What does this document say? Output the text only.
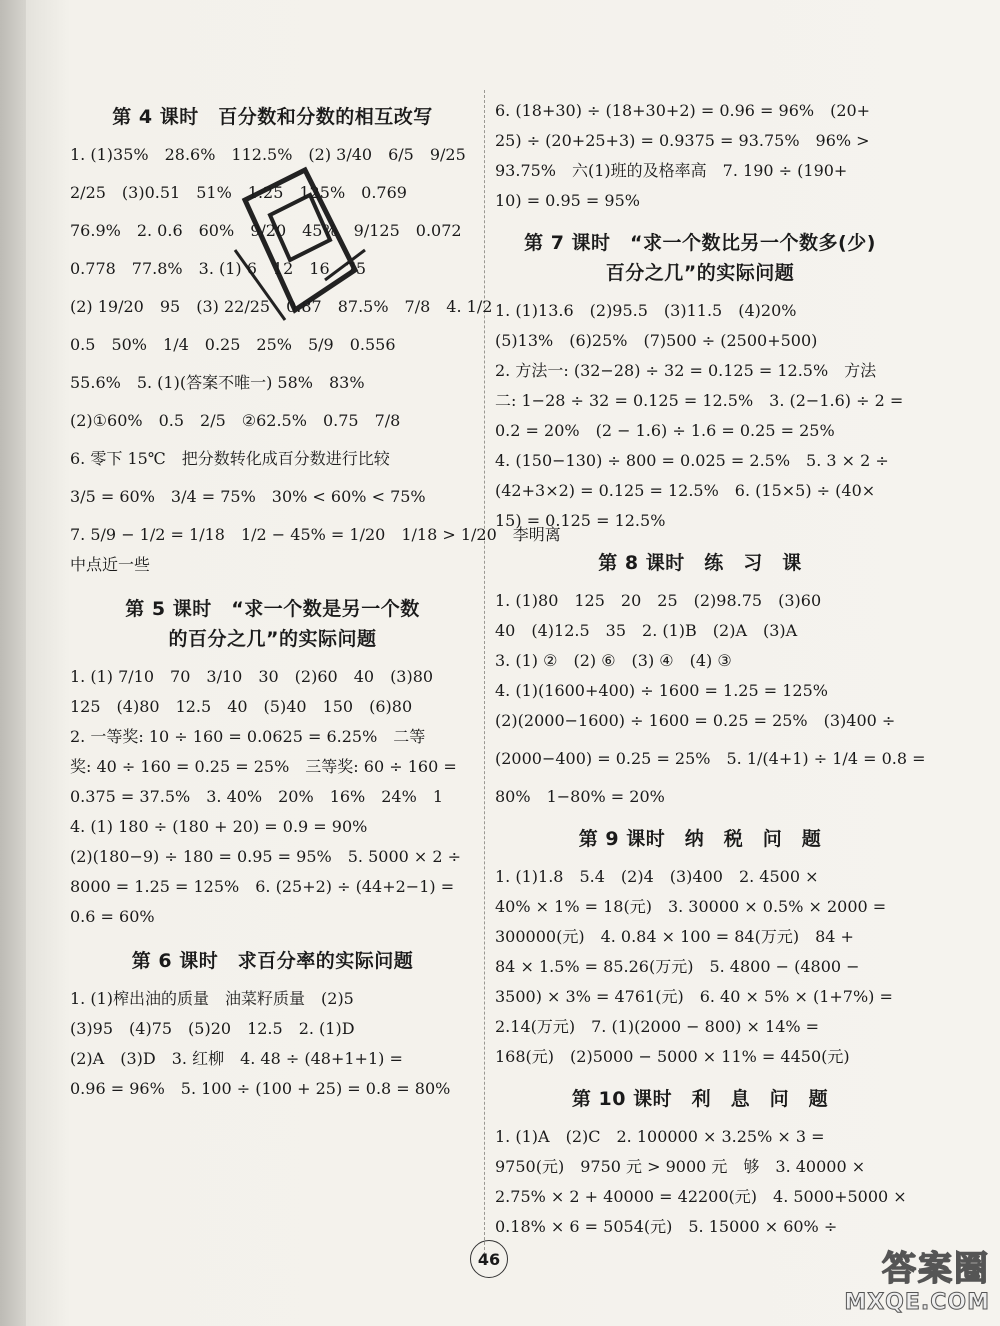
第 4 课时　百分数和分数的相互改写
1. (1)35%　28.6%　112.5%　(2) 3/40　6/5　9/25
2/25　(3)0.51　51%　1.25　125%　0.769
76.9%　2. 0.6　60%　9/20　45%　9/125　0.072
0.778　77.8%　3. (1) 6　12　16　75
(2) 19/20　95　(3) 22/25　0.87　87.5%　7/8　4. 1/2
0.5　50%　1/4　0.25　25%　5/9　0.556
55.6%　5. (1)(答案不唯一) 58%　83%
(2)①60%　0.5　2/5　②62.5%　0.75　7/8
6. 零下 15℃　把分数转化成百分数进行比较
3/5 = 60%　3/4 = 75%　30% < 60% < 75%
7. 5/9 − 1/2 = 1/18　1/2 − 45% = 1/20　1/18 > 1/20　李明离
中点近一些
第 5 课时　“求一个数是另一个数
的百分之几”的实际问题
1. (1) 7/10　70　3/10　30　(2)60　40　(3)80
125　(4)80　12.5　40　(5)40　150　(6)80
2. 一等奖: 10 ÷ 160 = 0.0625 = 6.25%　二等
奖: 40 ÷ 160 = 0.25 = 25%　三等奖: 60 ÷ 160 =
0.375 = 37.5%　3. 40%　20%　16%　24%　1
4. (1) 180 ÷ (180 + 20) = 0.9 = 90%
(2)(180−9) ÷ 180 = 0.95 = 95%　5. 5000 × 2 ÷
8000 = 1.25 = 125%　6. (25+2) ÷ (44+2−1) =
0.6 = 60%
第 6 课时　求百分率的实际问题
1. (1)榨出油的质量　油菜籽质量　(2)5
(3)95　(4)75　(5)20　12.5　2. (1)D
(2)A　(3)D　3. 红柳　4. 48 ÷ (48+1+1) =
0.96 = 96%　5. 100 ÷ (100 + 25) = 0.8 = 80%
6. (18+30) ÷ (18+30+2) = 0.96 = 96%　(20+
25) ÷ (20+25+3) = 0.9375 = 93.75%　96% >
93.75%　六(1)班的及格率高　7. 190 ÷ (190+
10) = 0.95 = 95%
第 7 课时　“求一个数比另一个数多(少)
百分之几”的实际问题
1. (1)13.6　(2)95.5　(3)11.5　(4)20%
(5)13%　(6)25%　(7)500 ÷ (2500+500)
2. 方法一: (32−28) ÷ 32 = 0.125 = 12.5%　方法
二: 1−28 ÷ 32 = 0.125 = 12.5%　3. (2−1.6) ÷ 2 =
0.2 = 20%　(2 − 1.6) ÷ 1.6 = 0.25 = 25%
4. (150−130) ÷ 800 = 0.025 = 2.5%　5. 3 × 2 ÷
(42+3×2) = 0.125 = 12.5%　6. (15×5) ÷ (40×
15) = 0.125 = 12.5%
第 8 课时　练　习　课
1. (1)80　125　20　25　(2)98.75　(3)60
40　(4)12.5　35　2. (1)B　(2)A　(3)A
3. (1) ②　(2) ⑥　(3) ④　(4) ③
4. (1)(1600+400) ÷ 1600 = 1.25 = 125%
(2)(2000−1600) ÷ 1600 = 0.25 = 25%　(3)400 ÷
(2000−400) = 0.25 = 25%　5. 1/(4+1) ÷ 1/4 = 0.8 =
80%　1−80% = 20%
第 9 课时　纳　税　问　题
1. (1)1.8　5.4　(2)4　(3)400　2. 4500 ×
40% × 1% = 18(元)　3. 30000 × 0.5% × 2000 =
300000(元)　4. 0.84 × 100 = 84(万元)　84 +
84 × 1.5% = 85.26(万元)　5. 4800 − (4800 −
3500) × 3% = 4761(元)　6. 40 × 5% × (1+7%) =
2.14(万元)　7. (1)(2000 − 800) × 14% =
168(元)　(2)5000 − 5000 × 11% = 4450(元)
第 10 课时　利　息　问　题
1. (1)A　(2)C　2. 100000 × 3.25% × 3 =
9750(元)　9750 元 > 9000 元　够　3. 40000 ×
2.75% × 2 + 40000 = 42200(元)　4. 5000+5000 ×
0.18% × 6 = 5054(元)　5. 15000 × 60% ÷
46	答案圈
MXQE.COM
